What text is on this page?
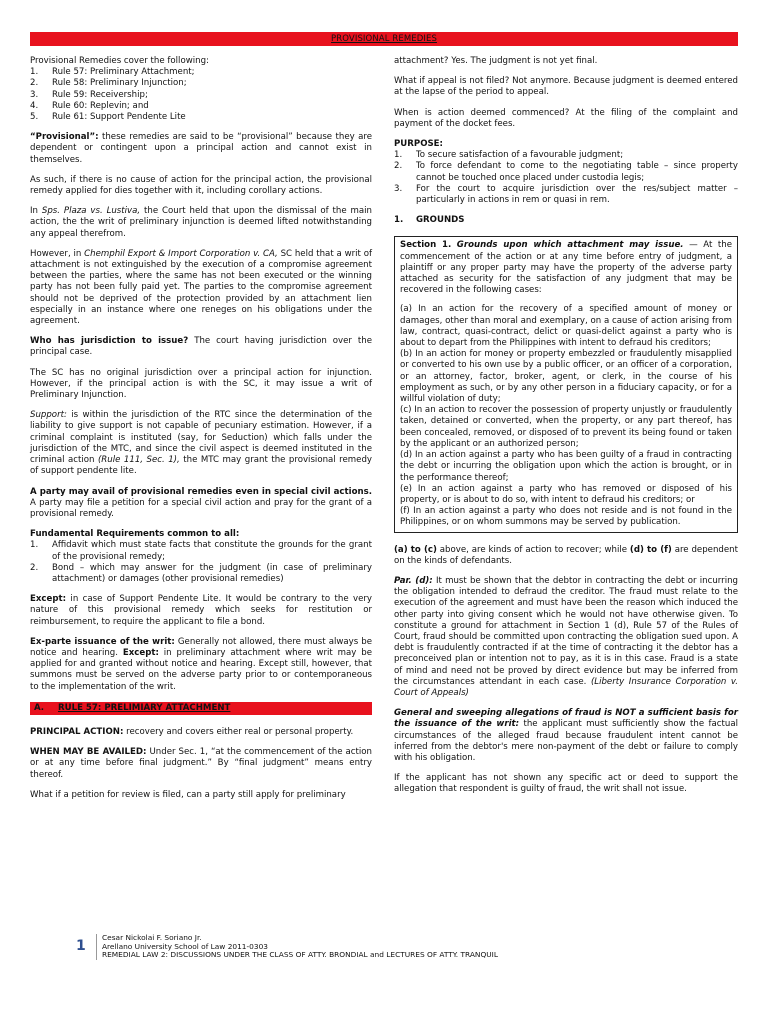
PROVISIONAL REMEDIES
Provisional Remedies cover the following:
1.	Rule 57: Preliminary Attachment;
2.	Rule 58: Preliminary Injunction;
3.	Rule 59: Receivership;
4.	Rule 60: Replevin; and
5.	Rule 61: Support Pendente Lite

“Provisional”: these remedies are said to be “provisional” because they are dependent or contingent upon a principal action and cannot exist in themselves.

As such, if there is no cause of action for the principal action, the provisional remedy applied for dies together with it, including corollary actions.

In Sps. Plaza vs. Lustiva, the Court held that upon the dismissal of the main action, the the writ of preliminary injunction is deemed lifted notwithstanding any appeal therefrom.

However, in Chemphil Export & Import Corporation v. CA, SC held that a writ of attachment is not extinguished by the execution of a compromise agreement between the parties, where the same has not been executed or the winning party has not been fully paid yet. The parties to the compromise agreement should not be deprived of the protection provided by an attachment lien especially in an instance where one reneges on his obligations under the agreement.

Who has jurisdiction to issue? The court having jurisdiction over the principal case.

The SC has no original jurisdiction over a principal action for injunction. However, if the principal action is with the SC, it may issue a writ of Preliminary Injunction.

Support: is within the jurisdiction of the RTC since the determination of the liability to give support is not capable of pecuniary estimation. However, if a criminal complaint is instituted (say, for Seduction) which falls under the jurisdiction of the MTC, and since the civil aspect is deemed instituted in the criminal action (Rule 111, Sec. 1), the MTC may grant the provisional remedy of support pendente lite.

A party may avail of provisional remedies even in special civil actions. A party may file a petition for a special civil action and pray for the grant of a provisional remedy.

Fundamental Requirements common to all:
1.	Affidavit which must state facts that constitute the grounds for the grant of the provisional remedy;
2.	Bond – which may answer for the judgment (in case of preliminary attachment) or damages (other provisional remedies)

Except: in case of Support Pendente Lite. It would be contrary to the very nature of this provisional remedy which seeks for restitution or reimbursement, to require the applicant to file a bond.

Ex-parte issuance of the writ: Generally not allowed, there must always be notice and hearing. Except: in preliminary attachment where writ may be applied for and granted without notice and hearing. Except still, however, that summons must be served on the adverse party prior to or contemporaneous to the implementation of the writ.

A.	RULE 57: PRELIMIARY ATTACHMENT

PRINCIPAL ACTION: recovery and covers either real or personal property.

WHEN MAY BE AVAILED: Under Sec. 1, “at the commencement of the action or at any time before final judgment.” By “final judgment” means entry thereof.

What if a petition for review is filed, can a party still apply for preliminary

attachment? Yes. The judgment is not yet final.

What if appeal is not filed? Not anymore. Because judgment is deemed entered at the lapse of the period to appeal.

When is action deemed commenced? At the filing of the complaint and payment of the docket fees.

PURPOSE:
1.	To secure satisfaction of a favourable judgment;
2.	To force defendant to come to the negotiating table – since property cannot be touched once placed under custodia legis;
3.	For the court to acquire jurisdiction over the res/subject matter – particularly in actions in rem or quasi in rem.
1.	GROUNDS

Section 1. Grounds upon which attachment may issue. — At the commencement of the action or at any time before entry of judgment, a plaintiff or any proper party may have the property of the adverse party attached as security for the satisfaction of any judgment that may be recovered in the following cases:

(a) In an action for the recovery of a specified amount of money or damages, other than moral and exemplary, on a cause of action arising from law, contract, quasi-contract, delict or quasi-delict against a party who is about to depart from the Philippines with intent to defraud his creditors;
(b) In an action for money or property embezzled or fraudulently misapplied or converted to his own use by a public officer, or an officer of a corporation, or an attorney, factor, broker, agent, or clerk, in the course of his employment as such, or by any other person in a fiduciary capacity, or for a willful violation of duty;
(c) In an action to recover the possession of property unjustly or fraudulently taken, detained or converted, when the property, or any part thereof, has been concealed, removed, or disposed of to prevent its being found or taken by the applicant or an authorized person;
(d) In an action against a party who has been guilty of a fraud in contracting the debt or incurring the obligation upon which the action is brought, or in the performance thereof;
(e) In an action against a party who has removed or disposed of his property, or is about to do so, with intent to defraud his creditors; or
(f) In an action against a party who does not reside and is not found in the Philippines, or on whom summons may be served by publication.

(a) to (c) above, are kinds of action to recover; while (d) to (f) are dependent on the kinds of defendants.

Par. (d): It must be shown that the debtor in contracting the debt or incurring the obligation intended to defraud the creditor. The fraud must relate to the execution of the agreement and must have been the reason which induced the other party into giving consent which he would not have otherwise given. To constitute a ground for attachment in Section 1 (d), Rule 57 of the Rules of Court, fraud should be committed upon contracting the obligation sued upon. A debt is fraudulently contracted if at the time of contracting it the debtor has a preconceived plan or intention not to pay, as it is in this case. Fraud is a state of mind and need not be proved by direct evidence but may be inferred from the circumstances attendant in each case. (Liberty Insurance Corporation v. Court of Appeals)

General and sweeping allegations of fraud is NOT a sufficient basis for the issuance of the writ: the applicant must sufficiently show the factual circumstances of the alleged fraud because fraudulent intent cannot be inferred from the debtor's mere non-payment of the debt or failure to comply with his obligation.

If the applicant has not shown any specific act or deed to support the allegation that respondent is guilty of fraud, the writ shall not issue.

1
Cesar Nickolai F. Soriano Jr.
Arellano University School of Law 2011-0303
REMEDIAL LAW 2: DISCUSSIONS UNDER THE CLASS OF ATTY. BRONDIAL and LECTURES OF ATTY. TRANQUIL
